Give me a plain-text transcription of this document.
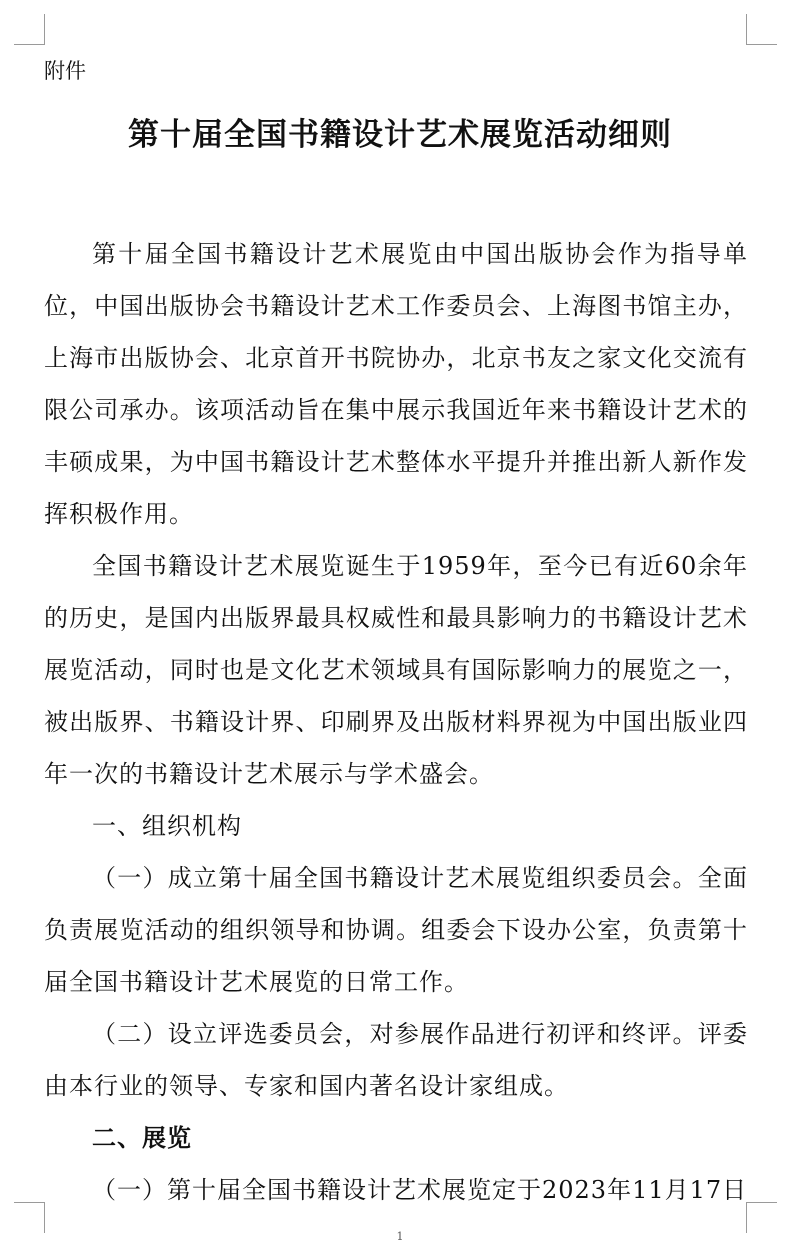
附件
第十届全国书籍设计艺术展览活动细则

第十届全国书籍设计艺术展览由中国出版协会作为指导单位，中国出版协会书籍设计艺术工作委员会、上海图书馆主办，上海市出版协会、北京首开书院协办，北京书友之家文化交流有限公司承办。该项活动旨在集中展示我国近年来书籍设计艺术的丰硕成果，为中国书籍设计艺术整体水平提升并推出新人新作发挥积极作用。

全国书籍设计艺术展览诞生于1959年，至今已有近60余年的历史，是国内出版界最具权威性和最具影响力的书籍设计艺术展览活动，同时也是文化艺术领域具有国际影响力的展览之一，被出版界、书籍设计界、印刷界及出版材料界视为中国出版业四年一次的书籍设计艺术展示与学术盛会。

一、组织机构

（一）成立第十届全国书籍设计艺术展览组织委员会。全面负责展览活动的组织领导和协调。组委会下设办公室，负责第十届全国书籍设计艺术展览的日常工作。

（二）设立评选委员会，对参展作品进行初评和终评。评委由本行业的领导、专家和国内著名设计家组成。

二、展览

（一）第十届全国书籍设计艺术展览定于2023年11月17日

1
